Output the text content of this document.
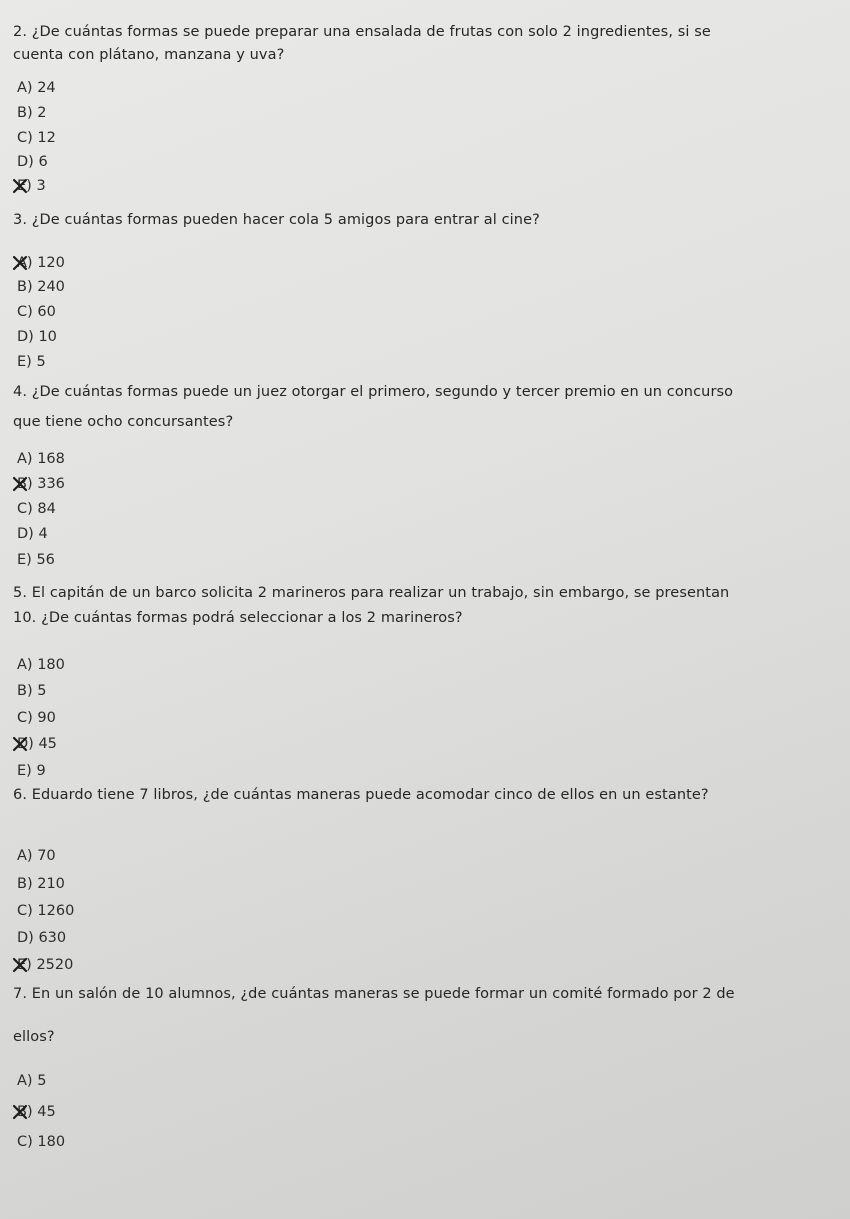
2. ¿De cuántas formas se puede preparar una ensalada de frutas con solo 2 ingredientes, si se
cuenta con plátano, manzana y uva?
A) 24
B) 2
C) 12
D) 6
E) 3
3. ¿De cuántas formas pueden hacer cola 5 amigos para entrar al cine?
A) 120
B) 240
C) 60
D) 10
E) 5
4. ¿De cuántas formas puede un juez otorgar el primero, segundo y tercer premio en un concurso
que tiene ocho concursantes?
A) 168
B) 336
C) 84
D) 4
E) 56
5. El capitán de un barco solicita 2 marineros para realizar un trabajo, sin embargo, se presentan
10. ¿De cuántas formas podrá seleccionar a los 2 marineros?
A) 180
B) 5
C) 90
D) 45
E) 9
6. Eduardo tiene 7 libros, ¿de cuántas maneras puede acomodar cinco de ellos en un estante?
A) 70
B) 210
C) 1260
D) 630
E) 2520
7. En un salón de 10 alumnos, ¿de cuántas maneras se puede formar un comité formado por 2 de
ellos?
A) 5
B) 45
C) 180
